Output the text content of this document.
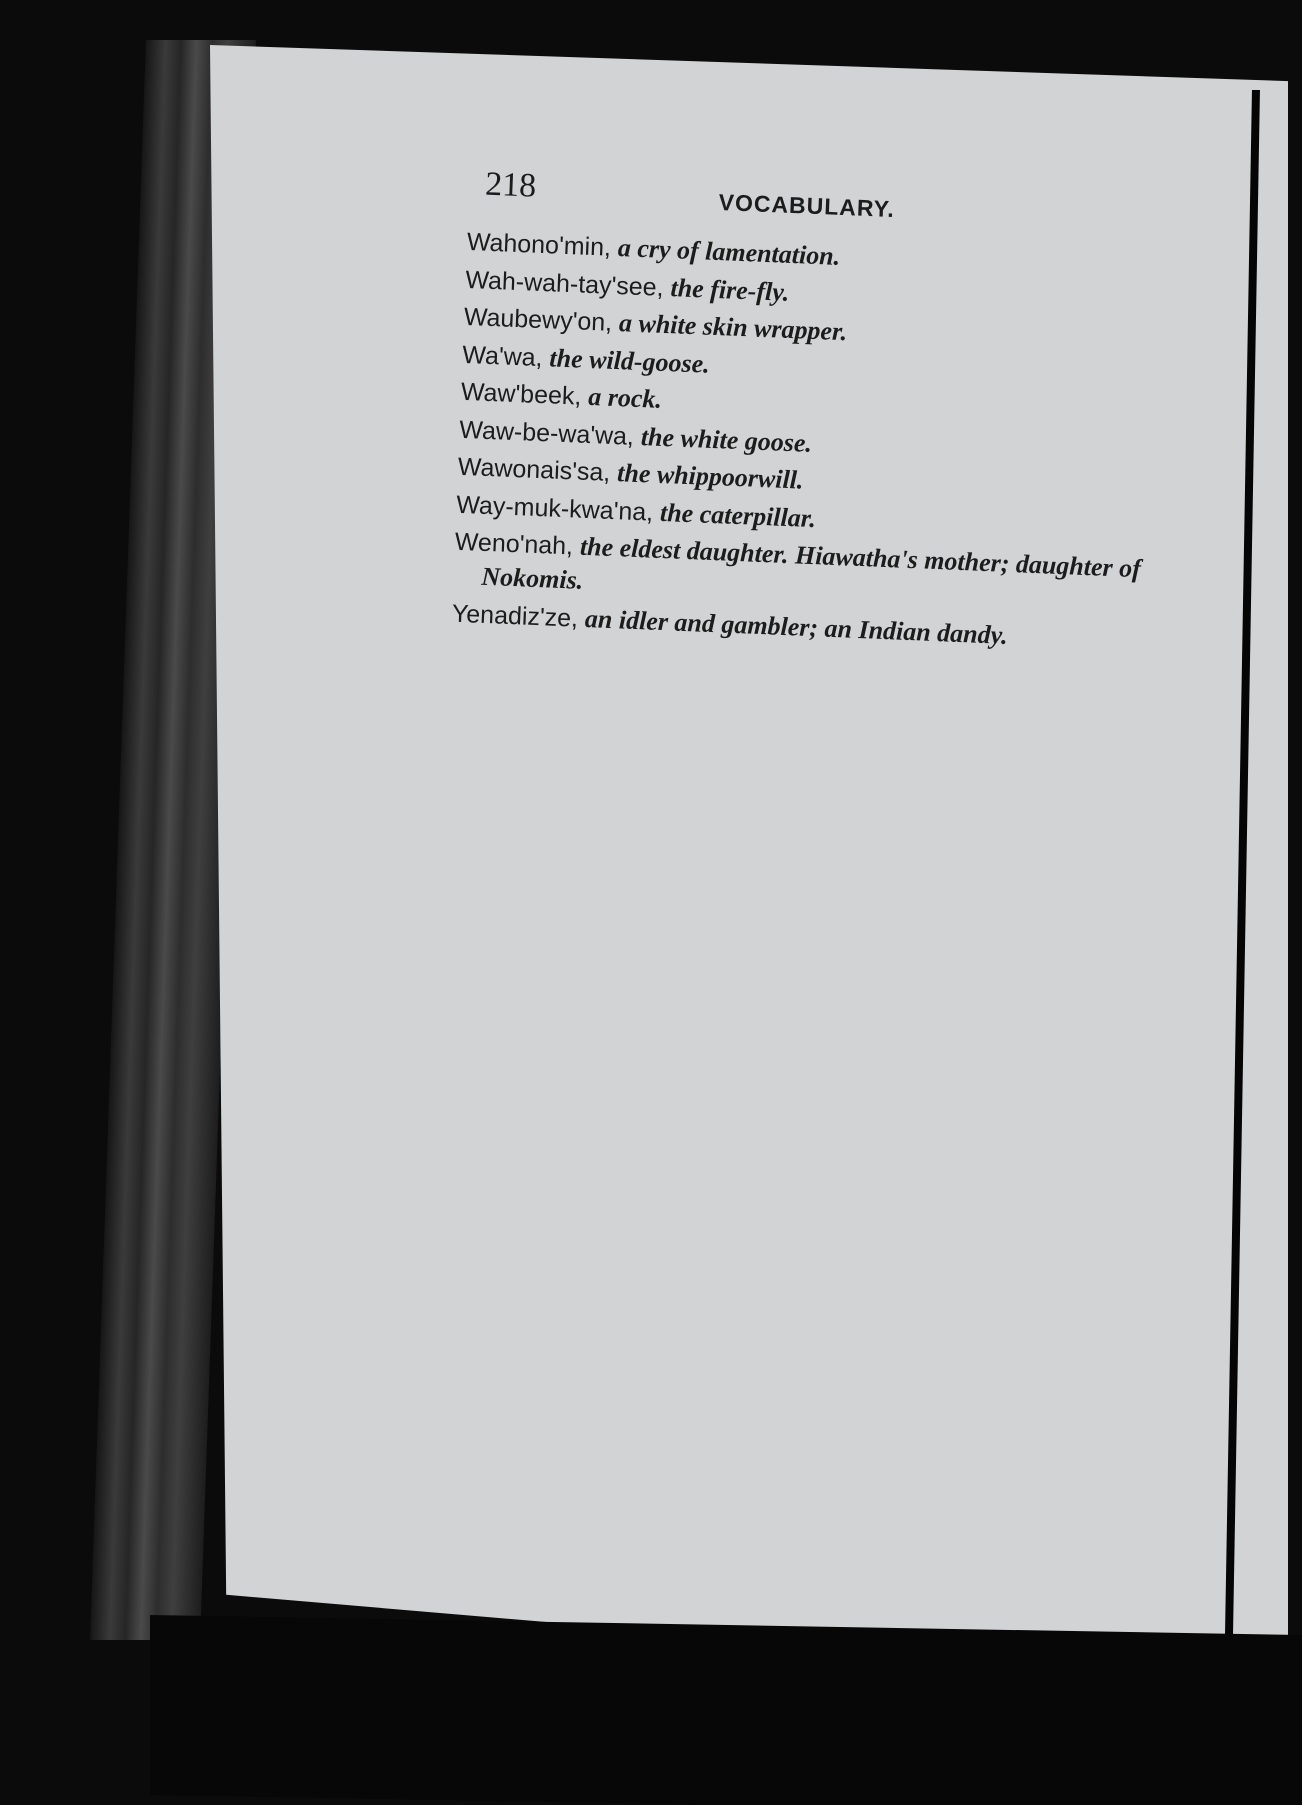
218
VOCABULARY.
Wahono'min, a cry of lamentation.
Wah-wah-tay'see, the fire-fly.
Waubewy'on, a white skin wrapper.
Wa'wa, the wild-goose.
Waw'beek, a rock.
Waw-be-wa'wa, the white goose.
Wawonais'sa, the whippoorwill.
Way-muk-kwa'na, the caterpillar.
Weno'nah, the eldest daughter. Hiawatha's mother; daughter of Nokomis.
Yenadiz'ze, an idler and gambler; an Indian dandy.
